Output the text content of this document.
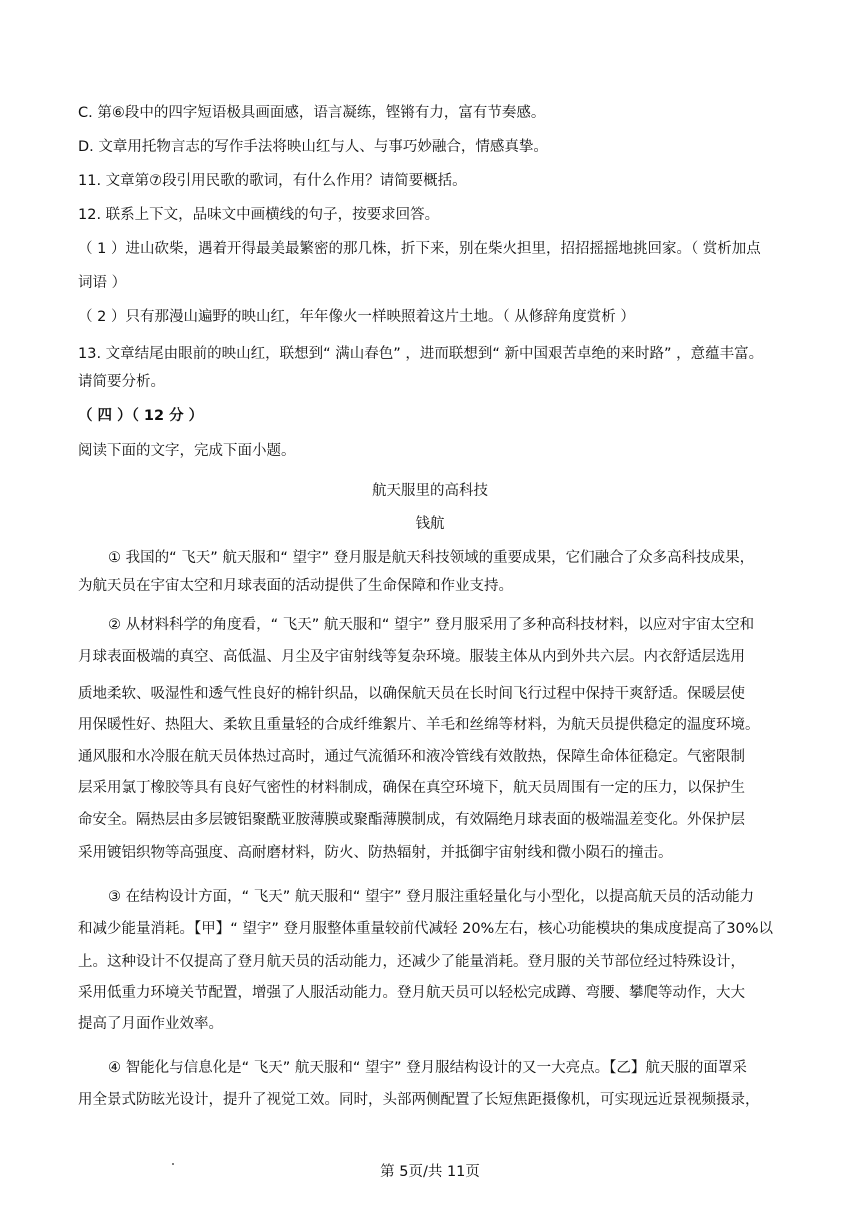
C. 第⑥段中的四字短语极具画面感，语言凝练，铿锵有力，富有节奏感。
D. 文章用托物言志的写作手法将映山红与人、与事巧妙融合，情感真挚。
11. 文章第⑦段引用民歌的歌词，有什么作用？请简要概括。
12. 联系上下文，品味文中画横线的句子，按要求回答。
（ 1 ）进山砍柴，遇着开得最美最繁密的那几株，折下来，别在柴火担里，招招摇摇地挑回家。（ 赏析加点
词语 ）
（ 2 ）只有那漫山遍野的映山红，年年像火一样映照着这片土地。（ 从修辞角度赏析 ）
13. 文章结尾由眼前的映山红，联想到“ 满山春色” ，进而联想到“ 新中国艰苦卓绝的来时路” ，意蕴丰富。
请简要分析。
（ 四 ）（ 12 分 ）
阅读下面的文字，完成下面小题。
航天服里的高科技
钱航
① 我国的“ 飞天” 航天服和“ 望宇” 登月服是航天科技领域的重要成果，它们融合了众多高科技成果，
为航天员在宇宙太空和月球表面的活动提供了生命保障和作业支持。
② 从材料科学的角度看，“ 飞天” 航天服和“ 望宇” 登月服采用了多种高科技材料，以应对宇宙太空和
月球表面极端的真空、高低温、月尘及宇宙射线等复杂环境。服装主体从内到外共六层。内衣舒适层选用
质地柔软、吸湿性和透气性良好的棉针织品，以确保航天员在长时间飞行过程中保持干爽舒适。保暖层使
用保暖性好、热阻大、柔软且重量轻的合成纤维絮片、羊毛和丝绵等材料，为航天员提供稳定的温度环境。
通风服和水冷服在航天员体热过高时，通过气流循环和液冷管线有效散热，保障生命体征稳定。气密限制
层采用氯丁橡胶等具有良好气密性的材料制成，确保在真空环境下，航天员周围有一定的压力，以保护生
命安全。隔热层由多层镀铝聚酰亚胺薄膜或聚酯薄膜制成，有效隔绝月球表面的极端温差变化。外保护层
采用镀铝织物等高强度、高耐磨材料，防火、防热辐射，并抵御宇宙射线和微小陨石的撞击。
③ 在结构设计方面，“ 飞天” 航天服和“ 望宇” 登月服注重轻量化与小型化，以提高航天员的活动能力
和减少能量消耗。【甲】“ 望宇” 登月服整体重量较前代减轻 20%左右，核心功能模块的集成度提高了30%以
上。这种设计不仅提高了登月航天员的活动能力，还减少了能量消耗。登月服的关节部位经过特殊设计，
采用低重力环境关节配置，增强了人服活动能力。登月航天员可以轻松完成蹲、弯腰、攀爬等动作，大大
提高了月面作业效率。
④ 智能化与信息化是“ 飞天” 航天服和“ 望宇” 登月服结构设计的又一大亮点。【乙】航天服的面罩采
用全景式防眩光设计，提升了视觉工效。同时，头部两侧配置了长短焦距摄像机，可实现远近景视频摄录，
第 5页/共 11页
